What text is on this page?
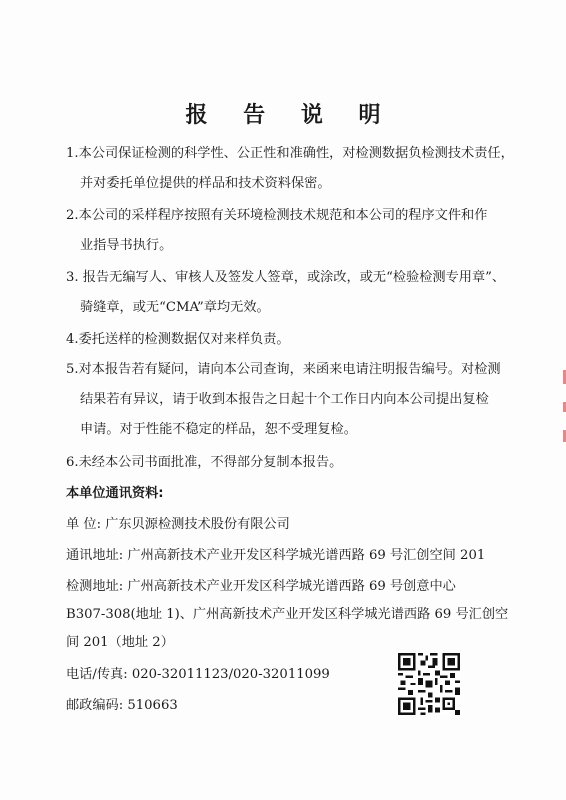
报 告 说 明
1.本公司保证检测的科学性、公正性和准确性，对检测数据负检测技术责任，
并对委托单位提供的样品和技术资料保密。
2.本公司的采样程序按照有关环境检测技术规范和本公司的程序文件和作
业指导书执行。
3. 报告无编写人、审核人及签发人签章，或涂改，或无“检验检测专用章”、
骑缝章，或无“CMA”章均无效。
4.委托送样的检测数据仅对来样负责。
5.对本报告若有疑问，请向本公司查询，来函来电请注明报告编号。对检测
结果若有异议，请于收到本报告之日起十个工作日内向本公司提出复检
申请。对于性能不稳定的样品，恕不受理复检。
6.未经本公司书面批准，不得部分复制本报告。
本单位通讯资料:
单 位: 广东贝源检测技术股份有限公司
通讯地址: 广州高新技术产业开发区科学城光谱西路 69 号汇创空间 201
检测地址: 广州高新技术产业开发区科学城光谱西路 69 号创意中心
B307-308(地址 1)、广州高新技术产业开发区科学城光谱西路 69 号汇创空
间 201（地址 2）
电话/传真: 020-32011123/020-32011099
邮政编码: 510663
